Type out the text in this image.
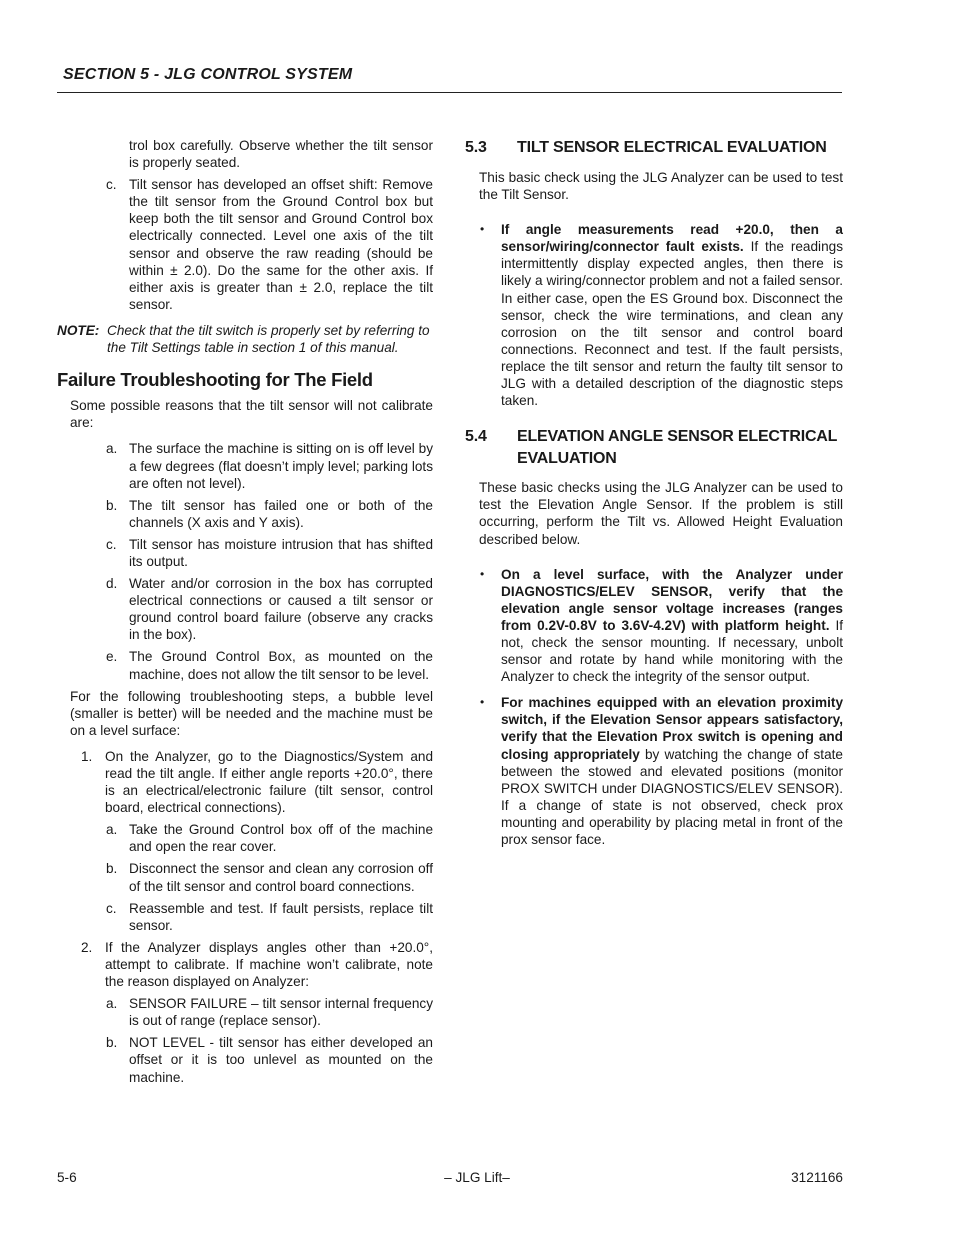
SECTION 5 - JLG CONTROL SYSTEM

trol box carefully. Observe whether the tilt sensor is properly seated.

c. Tilt sensor has developed an offset shift: Remove the tilt sensor from the Ground Control box but keep both the tilt sensor and Ground Control box electrically connected. Level one axis of the tilt sensor and observe the raw reading (should be within ± 2.0). Do the same for the other axis. If either axis is greater than ± 2.0, replace the tilt sensor.
NOTE: Check that the tilt switch is properly set by referring to the Tilt Settings table in section 1 of this manual.
Failure Troubleshooting for The Field

Some possible reasons that the tilt sensor will not calibrate are:

a. The surface the machine is sitting on is off level by a few degrees (flat doesn’t imply level; parking lots are often not level).
b. The tilt sensor has failed one or both of the channels (X axis and Y axis).
c. Tilt sensor has moisture intrusion that has shifted its output.
d. Water and/or corrosion in the box has corrupted electrical connections or caused a tilt sensor or ground control board failure (observe any cracks in the box).
e. The Ground Control Box, as mounted on the machine, does not allow the tilt sensor to be level.

For the following troubleshooting steps, a bubble level (smaller is better) will be needed and the machine must be on a level surface:

1. On the Analyzer, go to the Diagnostics/System and read the tilt angle. If either angle reports +20.0°, there is an electrical/electronic failure (tilt sensor, control board, electrical connections).
a. Take the Ground Control box off of the machine and open the rear cover.
b. Disconnect the sensor and clean any corrosion off of the tilt sensor and control board connections.
c. Reassemble and test. If fault persists, replace tilt sensor.
2. If the Analyzer displays angles other than +20.0°, attempt to calibrate. If machine won’t calibrate, note the reason displayed on Analyzer:
a. SENSOR FAILURE – tilt sensor internal frequency is out of range (replace sensor).
b. NOT LEVEL - tilt sensor has either developed an offset or it is too unlevel as mounted on the machine.
5.3	TILT SENSOR ELECTRICAL EVALUATION

This basic check using the JLG Analyzer can be used to test the Tilt Sensor.

•	If angle measurements read +20.0, then a sensor/wiring/connector fault exists. If the readings intermittently display expected angles, then there is likely a wiring/connector problem and not a failed sensor. In either case, open the ES Ground box. Disconnect the sensor, check the wire terminations, and clean any corrosion on the tilt sensor and control board connections. Reconnect and test. If the fault persists, replace the tilt sensor and return the faulty tilt sensor to JLG with a detailed description of the diagnostic steps taken.
5.4	ELEVATION ANGLE SENSOR ELECTRICAL EVALUATION

These basic checks using the JLG Analyzer can be used to test the Elevation Angle Sensor. If the problem is still occurring, perform the Tilt vs. Allowed Height Evaluation described below.

•	On a level surface, with the Analyzer under DIAGNOSTICS/ELEV SENSOR, verify that the elevation angle sensor voltage increases (ranges from 0.2V-0.8V to 3.6V-4.2V) with platform height. If not, check the sensor mounting. If necessary, unbolt sensor and rotate by hand while monitoring with the Analyzer to check the integrity of the sensor output.
•	For machines equipped with an elevation proximity switch, if the Elevation Sensor appears satisfactory, verify that the Elevation Prox switch is opening and closing appropriately by watching the change of state between the stowed and elevated positions (monitor PROX SWITCH under DIAGNOSTICS/ELEV SENSOR). If a change of state is not observed, check prox mounting and operability by placing metal in front of the prox sensor face.
5-6	– JLG Lift–	3121166
